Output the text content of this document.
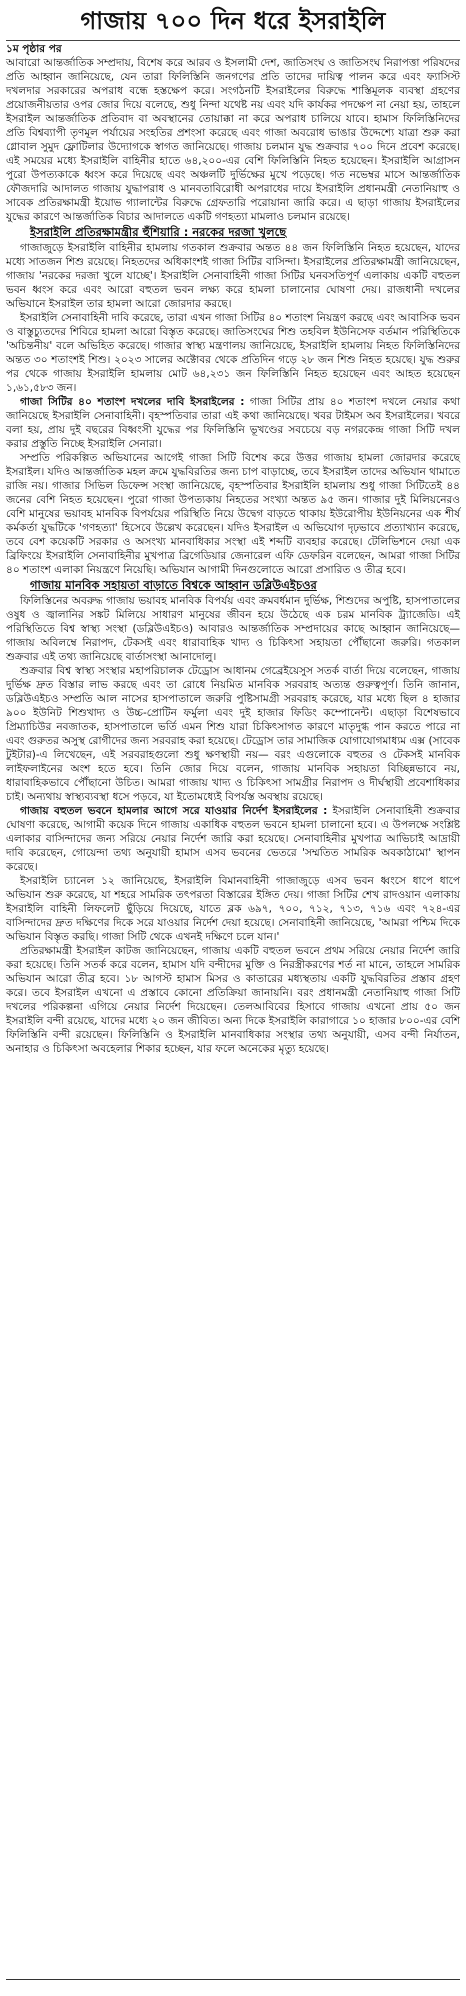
গাজায় ৭০০ দিন ধরে ইসরাইলি
১ম পৃষ্ঠার পর

আবারো আন্তর্জাতিক সম্প্রদায়, বিশেষ করে আরব ও ইসলামী দেশ, জাতিসংঘ ও জাতিসংঘ নিরাপত্তা পরিষদের প্রতি আহ্বান জানিয়েছে, যেন তারা ফিলিস্তিনি জনগণের প্রতি তাদের দায়িত্ব পালন করে এবং ফ্যাসিস্ট দখলদার সরকারের অপরাধ বন্ধে হস্তক্ষেপ করে। সংগঠনটি ইসরাইলের বিরুদ্ধে শাস্তিমূলক ব্যবস্থা গ্রহণের প্রয়োজনীয়তার ওপর জোর দিয়ে বলেছে, শুধু নিন্দা যথেষ্ট নয় এবং যদি কার্যকর পদক্ষেপ না নেয়া হয়, তাহলে ইসরাইল আন্তর্জাতিক প্রতিবাদ বা অবস্থানের তোয়াক্কা না করে অপরাধ চালিয়ে যাবে। হামাস ফিলিস্তিনিদের প্রতি বিশ্বব্যাপী তৃণমূল পর্যায়ের সংহতির প্রশংসা করেছে এবং গাজা অবরোধ ভাঙার উদ্দেশ্যে যাত্রা শুরু করা গ্লোবাল সুমুদ ফ্লোটিলার উদ্যোগকে স্বাগত জানিয়েছে। গাজায় চলমান যুদ্ধ শুক্রবার ৭০০ দিনে প্রবেশ করেছে। এই সময়ের মধ্যে ইসরাইলি বাহিনীর হাতে ৬৪,২০০-এর বেশি ফিলিস্তিনি নিহত হয়েছেন। ইসরাইলি আগ্রাসন পুরো উপত্যকাকে ধ্বংস করে দিয়েছে এবং অঞ্চলটি দুর্ভিক্ষের মুখে পড়েছে। গত নভেম্বর মাসে আন্তর্জাতিক ফৌজদারি আদালত গাজায় যুদ্ধাপরাধ ও মানবতাবিরোধী অপরাধের দায়ে ইসরাইলি প্রধানমন্ত্রী নেতানিয়াহু ও সাবেক প্রতিরক্ষামন্ত্রী ইয়োভ গ্যালান্টের বিরুদ্ধে গ্রেফতারি পরোয়ানা জারি করে। এ ছাড়া গাজায় ইসরাইলের যুদ্ধের কারণে আন্তর্জাতিক বিচার আদালতে একটি গণহত্যা মামলাও চলমান রয়েছে।

ইসরাইলি প্রতিরক্ষামন্ত্রীর হুঁশিয়ারি : নরকের দরজা খুলছে

গাজাজুড়ে ইসরাইলি বাহিনীর হামলায় গতকাল শুক্রবার অন্তত ৪৪ জন ফিলিস্তিনি নিহত হয়েছেন, যাদের মধ্যে সাতজন শিশু রয়েছে। নিহতদের অধিকাংশই গাজা সিটির বাসিন্দা। ইসরাইলের প্রতিরক্ষামন্ত্রী জানিয়েছেন, গাজায় 'নরকের দরজা খুলে যাচ্ছে'। ইসরাইলি সেনাবাহিনী গাজা সিটির ঘনবসতিপূর্ণ এলাকায় একটি বহুতল ভবন ধ্বংস করে এবং আরো বহুতল ভবন লক্ষ্য করে হামলা চালানোর ঘোষণা দেয়। রাজধানী দখলের অভিযানে ইসরাইল তার হামলা আরো জোরদার করছে।

ইসরাইলি সেনাবাহিনী দাবি করেছে, তারা এখন গাজা সিটির ৪০ শতাংশ নিয়ন্ত্রণ করছে এবং আবাসিক ভবন ও বাস্তুচ্যুতদের শিবিরে হামলা আরো বিস্তৃত করেছে। জাতিসংঘের শিশু তহবিল ইউনিসেফ বর্তমান পরিস্থিতিকে 'অচিন্তনীয়' বলে অভিহিত করেছে। গাজার স্বাস্থ্য মন্ত্রণালয় জানিয়েছে, ইসরাইলি হামলায় নিহত ফিলিস্তিনিদের অন্তত ৩০ শতাংশই শিশু। ২০২৩ সালের অক্টোবর থেকে প্রতিদিন গড়ে ২৮ জন শিশু নিহত হয়েছে। যুদ্ধ শুরুর পর থেকে গাজায় ইসরাইলি হামলায় মোট ৬৪,২৩১ জন ফিলিস্তিনি নিহত হয়েছেন এবং আহত হয়েছেন ১,৬১,৫৮৩ জন।

গাজা সিটির ৪০ শতাংশ দখলের দাবি ইসরাইলের : গাজা সিটির প্রায় ৪০ শতাংশ দখলে নেয়ার কথা জানিয়েছে ইসরাইলি সেনাবাহিনী। বৃহস্পতিবার তারা এই কথা জানিয়েছে। খবর টাইমস অব ইসরাইলের। খবরে বলা হয়, প্রায় দুই বছরের বিধ্বংসী যুদ্ধের পর ফিলিস্তিনি ভূখণ্ডের সবচেয়ে বড় নগরকেন্দ্র গাজা সিটি দখল করার প্রস্তুতি নিচ্ছে ইসরাইলি সেনারা।

সম্প্রতি পরিকল্পিত অভিযানের আগেই গাজা সিটি বিশেষ করে উত্তর গাজায় হামলা জোরদার করেছে ইসরাইল। যদিও আন্তর্জাতিক মহল ক্রমে যুদ্ধবিরতির জন্য চাপ বাড়াচ্ছে, তবে ইসরাইল তাদের অভিযান থামাতে রাজি নয়। গাজার সিভিল ডিফেন্স সংস্থা জানিয়েছে, বৃহস্পতিবার ইসরাইলি হামলায় শুধু গাজা সিটিতেই ৪৪ জনের বেশি নিহত হয়েছেন। পুরো গাজা উপত্যকায় নিহতের সংখ্যা অন্তত ৯৫ জন। গাজার দুই মিলিয়নেরও বেশি মানুষের ভয়াবহ মানবিক বিপর্যয়ের পরিস্থিতি নিয়ে উদ্বেগ বাড়তে থাকায় ইউরোপীয় ইউনিয়নের এক শীর্ষ কর্মকর্তা যুদ্ধটিকে 'গণহত্যা' হিসেবে উল্লেখ করেছেন। যদিও ইসরাইল এ অভিযোগ দৃঢ়ভাবে প্রত্যাখ্যান করেছে, তবে বেশ কয়েকটি সরকার ও অসংখ্য মানবাধিকার সংস্থা এই শব্দটি ব্যবহার করেছে। টেলিভিশনে দেয়া এক ব্রিফিংয়ে ইসরাইলি সেনাবাহিনীর মুখপাত্র ব্রিগেডিয়ার জেনারেল এফি ডেফরিন বলেছেন, আমরা গাজা সিটির ৪০ শতাংশ এলাকা নিয়ন্ত্রণে নিয়েছি। অভিযান আগামী দিনগুলোতে আরো প্রসারিত ও তীব্র হবে।

গাজায় মানবিক সহায়তা বাড়াতে বিশ্বকে আহ্বান ডব্লিউএইচওর

ফিলিস্তিনের অবরুদ্ধ গাজায় ভয়াবহ মানবিক বিপর্যয় এবং ক্রমবর্ধমান দুর্ভিক্ষ, শিশুদের অপুষ্টি, হাসপাতালের ওষুধ ও জ্বালানির সঙ্কট মিলিয়ে সাধারণ মানুষের জীবন হয়ে উঠেছে এক চরম মানবিক ট্র্যাজেডি। এই পরিস্থিতিতে বিশ্ব স্বাস্থ্য সংস্থা (ডব্লিউএইচও) আবারও আন্তর্জাতিক সম্প্রদায়ের কাছে আহ্বান জানিয়েছে— গাজায় অবিলম্বে নিরাপদ, টেকসই এবং ধারাবাহিক খাদ্য ও চিকিৎসা সহায়তা পৌঁছানো জরুরি। গতকাল শুক্রবার এই তথ্য জানিয়েছে বার্তাসংস্থা আনাদোলু।

শুক্রবার বিশ্ব স্বাস্থ্য সংস্থার মহাপরিচালক টেড্রোস আধানম গেব্রেইয়েসুস সতর্ক বার্তা দিয়ে বলেছেন, গাজায় দুর্ভিক্ষ দ্রুত বিস্তার লাভ করছে এবং তা রোধে নিয়মিত মানবিক সরবরাহ অত্যন্ত গুরুত্বপূর্ণ। তিনি জানান, ডব্লিউএইচও সম্প্রতি আল নাসের হাসপাতালে জরুরি পুষ্টিসামগ্রী সরবরাহ করেছে, যার মধ্যে ছিল ৪ হাজার ৯০০ ইউনিট শিশুখাদ্য ও উচ্চ-প্রোটিন ফর্মুলা এবং দুই হাজার ফিডিং কম্পোনেন্ট। এছাড়া বিশেষভাবে প্রিম্যাচিউর নবজাতক, হাসপাতালে ভর্তি এমন শিশু যারা চিকিৎসাগত কারণে মাতৃদুগ্ধ পান করতে পারে না এবং গুরুতর অসুস্থ রোগীদের জন্য সরবরাহ করা হয়েছে। টেড্রোস তার সামাজিক যোগাযোগমাধ্যম এক্স (সাবেক টুইটার)-এ লিখেছেন, এই সরবরাহগুলো শুধু ক্ষণস্থায়ী নয়— বরং এগুলোকে বহুতর ও টেকসই মানবিক লাইফলাইনের অংশ হতে হবে। তিনি জোর দিয়ে বলেন, গাজায় মানবিক সহায়তা বিচ্ছিন্নভাবে নয়, ধারাবাহিকভাবে পৌঁছানো উচিত। আমরা গাজায় খাদ্য ও চিকিৎসা সামগ্রীর নিরাপদ ও দীর্ঘস্থায়ী প্রবেশাধিকার চাই। অন্যথায় স্বাস্থ্যব্যবস্থা ধসে পড়বে, যা ইতোমধ্যেই বিপর্যস্ত অবস্থায় রয়েছে।

গাজায় বহুতল ভবনে হামলার আগে সরে যাওয়ার নির্দেশ ইসরাইলের : ইসরাইলি সেনাবাহিনী শুক্রবার ঘোষণা করেছে, আগামী কয়েক দিনে গাজায় একাধিক বহুতল ভবনে হামলা চালানো হবে। এ উপলক্ষে সংশ্লিষ্ট এলাকার বাসিন্দাদের জন্য সরিয়ে নেয়ার নির্দেশ জারি করা হয়েছে। সেনাবাহিনীর মুখপাত্র আভিচাই আদ্রায়ী দাবি করেছেন, গোয়েন্দা তথ্য অনুযায়ী হামাস এসব ভবনের ভেতরে 'সম্মতিত সামরিক অবকাঠামো' স্থাপন করেছে।

ইসরাইলি চ্যানেল ১২ জানিয়েছে, ইসরাইলি বিমানবাহিনী গাজাজুড়ে এসব ভবন ধ্বংসে ধাপে ধাপে অভিযান শুরু করেছে, যা শহরে সামরিক তৎপরতা বিস্তারের ইঙ্গিত দেয়। গাজা সিটির শেখ রাদওয়ান এলাকায় ইসরাইলি বাহিনী লিফলেট ছুঁড়িয়ে দিয়েছে, যাতে ব্লক ৬৯৭, ৭০০, ৭১২, ৭১৩, ৭১৬ এবং ৭২৪-এর বাসিন্দাদের দ্রুত দক্ষিণের দিকে সরে যাওয়ার নির্দেশ দেয়া হয়েছে। সেনাবাহিনী জানিয়েছে, 'আমরা পশ্চিম দিকে অভিযান বিস্তৃত করছি। গাজা সিটি থেকে এখনই দক্ষিণে চলে যান।'

প্রতিরক্ষামন্ত্রী ইসরাইল কাটজ জানিয়েছেন, গাজায় একটি বহুতল ভবনে প্রথম সরিয়ে নেয়ার নির্দেশ জারি করা হয়েছে। তিনি সতর্ক করে বলেন, হামাস যদি বন্দীদের মুক্তি ও নিরস্ত্রীকরণের শর্ত না মানে, তাহলে সামরিক অভিযান আরো তীব্র হবে। ১৮ আগস্ট হামাস মিসর ও কাতারের মধ্যস্থতায় একটি যুদ্ধবিরতির প্রস্তাব গ্রহণ করে। তবে ইসরাইল এখনো এ প্রস্তাবে কোনো প্রতিক্রিয়া জানায়নি। বরং প্রধানমন্ত্রী নেতানিয়াহু গাজা সিটি দখলের পরিকল্পনা এগিয়ে নেয়ার নির্দেশ দিয়েছেন। তেলআবিবের হিসাবে গাজায় এখনো প্রায় ৫০ জন ইসরাইলি বন্দী রয়েছে, যাদের মধ্যে ২০ জন জীবিত। অন্য দিকে ইসরাইলি কারাগারে ১০ হাজার ৮০০-এর বেশি ফিলিস্তিনি বন্দী রয়েছেন। ফিলিস্তিনি ও ইসরাইলি মানবাধিকার সংস্থার তথ্য অনুযায়ী, এসব বন্দী নির্যাতন, অনাহার ও চিকিৎসা অবহেলার শিকার হচ্ছেন, যার ফলে অনেকের মৃত্যু হয়েছে।
